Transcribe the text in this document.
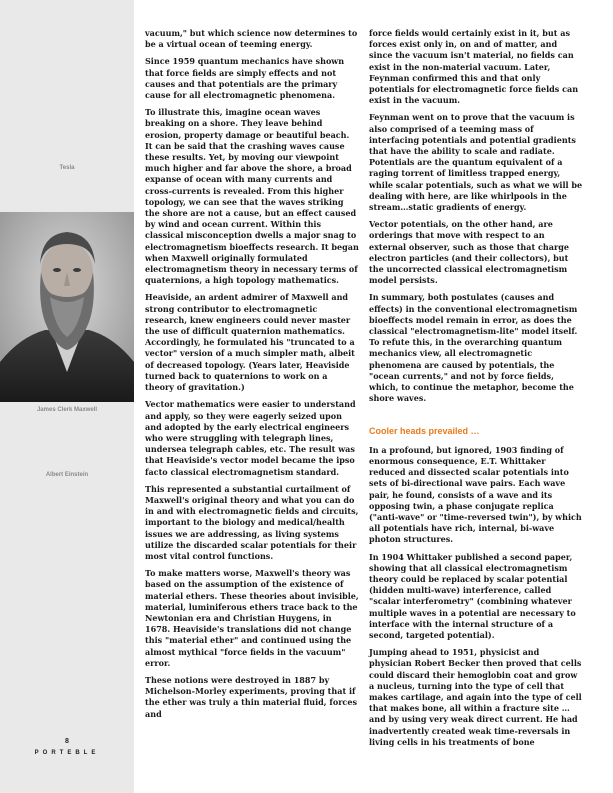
Tesla
James Clerk Maxwell
Albert Einstein
8
PORTEBLE

vacuum," but which science now determines to be a virtual ocean of teeming energy.

Since 1959 quantum mechanics have shown that force fields are simply effects and not causes and that potentials are the primary cause for all electromagnetic phenomena.

To illustrate this, imagine ocean waves breaking on a shore. They leave behind erosion, property damage or beautiful beach. It can be said that the crashing waves cause these results. Yet, by moving our viewpoint much higher and far above the shore, a broad expanse of ocean with many currents and cross-currents is revealed. From this higher topology, we can see that the waves striking the shore are not a cause, but an effect caused by wind and ocean current. Within this classical misconception dwells a major snag to electromagnetism bioeffects research. It began when Maxwell originally formulated electromagnetism theory in necessary terms of quaternions, a high topology mathematics.

Heaviside, an ardent admirer of Maxwell and strong contributor to electromagnetic research, knew engineers could never master the use of difficult quaternion mathematics. Accordingly, he formulated his "truncated to a vector" version of a much simpler math, albeit of decreased topology. (Years later, Heaviside turned back to quaternions to work on a theory of gravitation.)

Vector mathematics were easier to understand and apply, so they were eagerly seized upon and adopted by the early electrical engineers who were struggling with telegraph lines, undersea telegraph cables, etc. The result was that Heaviside's vector model became the ipso facto classical electromagnetism standard.

This represented a substantial curtailment of Maxwell's original theory and what you can do in and with electromagnetic fields and circuits, important to the biology and medical/health issues we are addressing, as living systems utilize the discarded scalar potentials for their most vital control functions.

To make matters worse, Maxwell's theory was based on the assumption of the existence of material ethers. These theories about invisible, material, luminiferous ethers trace back to the Newtonian era and Christian Huygens, in 1678. Heaviside's translations did not change this "material ether" and continued using the almost mythical "force fields in the vacuum" error.

These notions were destroyed in 1887 by Michelson-Morley experiments, proving that if the ether was truly a thin material fluid, forces and

force fields would certainly exist in it, but as forces exist only in, on and of matter, and since the vacuum isn't material, no fields can exist in the non-material vacuum. Later, Feynman confirmed this and that only potentials for electromagnetic force fields can exist in the vacuum.

Feynman went on to prove that the vacuum is also comprised of a teeming mass of interfacing potentials and potential gradients that have the ability to scale and radiate. Potentials are the quantum equivalent of a raging torrent of limitless trapped energy, while scalar potentials, such as what we will be dealing with here, are like whirlpools in the stream…static gradients of energy.

Vector potentials, on the other hand, are orderings that move with respect to an external observer, such as those that charge electron particles (and their collectors), but the uncorrected classical electromagnetism model persists.

In summary, both postulates (causes and effects) in the conventional electromagnetism bioeffects model remain in error, as does the classical "electromagnetism-lite" model itself. To refute this, in the overarching quantum mechanics view, all electromagnetic phenomena are caused by potentials, the "ocean currents," and not by force fields, which, to continue the metaphor, become the shore waves.

Cooler heads prevailed …

In a profound, but ignored, 1903 finding of enormous consequence, E.T. Whittaker reduced and dissected scalar potentials into sets of bi-directional wave pairs. Each wave pair, he found, consists of a wave and its opposing twin, a phase conjugate replica ("anti-wave" or "time-reversed twin"), by which all potentials have rich, internal, bi-wave photon structures.

In 1904 Whittaker published a second paper, showing that all classical electromagnetism theory could be replaced by scalar potential (hidden multi-wave) interference, called "scalar interferometry" (combining whatever multiple waves in a potential are necessary to interface with the internal structure of a second, targeted potential).

Jumping ahead to 1951, physicist and physician Robert Becker then proved that cells could discard their hemoglobin coat and grow a nucleus, turning into the type of cell that makes cartilage, and again into the type of cell that makes bone, all within a fracture site … and by using very weak direct current. He had inadvertently created weak time-reversals in living cells in his treatments of bone
